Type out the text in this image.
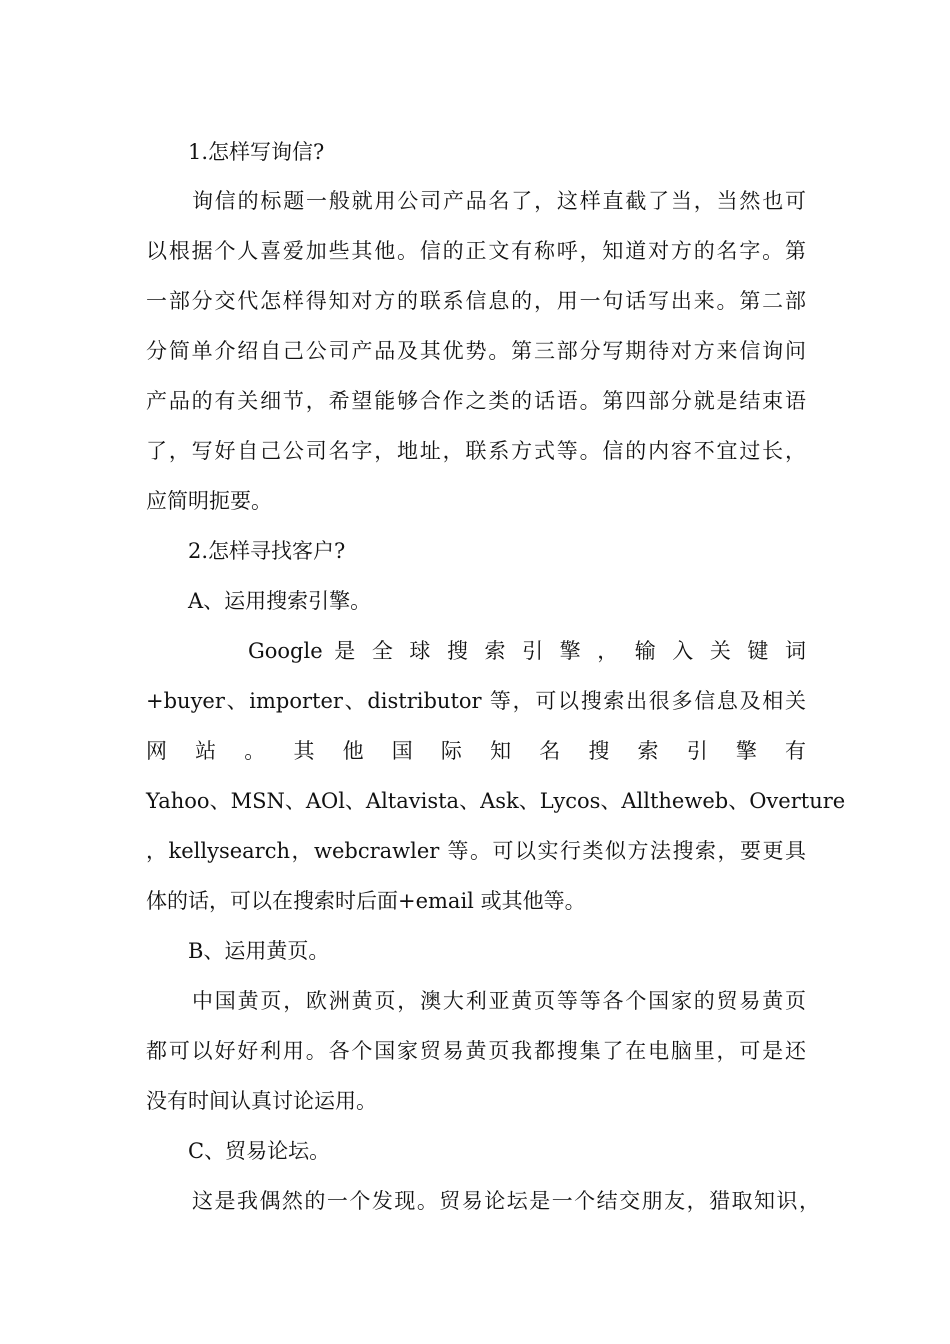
1.怎样写询信?
询信的标题一般就用公司产品名了，这样直截了当，当然也可
以根据个人喜爱加些其他。信的正文有称呼，知道对方的名字。第
一部分交代怎样得知对方的联系信息的，用一句话写出来。第二部
分简单介绍自己公司产品及其优势。第三部分写期待对方来信询问
产品的有关细节，希望能够合作之类的话语。第四部分就是结束语
了，写好自己公司名字，地址，联系方式等。信的内容不宜过长，
应简明扼要。
2.怎样寻找客户?
A、运用搜索引擎。
Google 是 全 球 搜 索 引 擎 ， 输 入 关 键 词
+buyer、importer、distributor 等，可以搜索出很多信息及相关
网 站 。 其 他 国 际 知 名 搜 索 引 擎 有
Yahoo、MSN、AOl、Altavista、Ask、Lycos、Alltheweb、Overture
，kellysearch，webcrawler 等。可以实行类似方法搜索，要更具
体的话，可以在搜索时后面+email 或其他等。
B、运用黄页。
中国黄页，欧洲黄页，澳大利亚黄页等等各个国家的贸易黄页
都可以好好利用。各个国家贸易黄页我都搜集了在电脑里，可是还
没有时间认真讨论运用。
C、贸易论坛。
这是我偶然的一个发现。贸易论坛是一个结交朋友，猎取知识，
